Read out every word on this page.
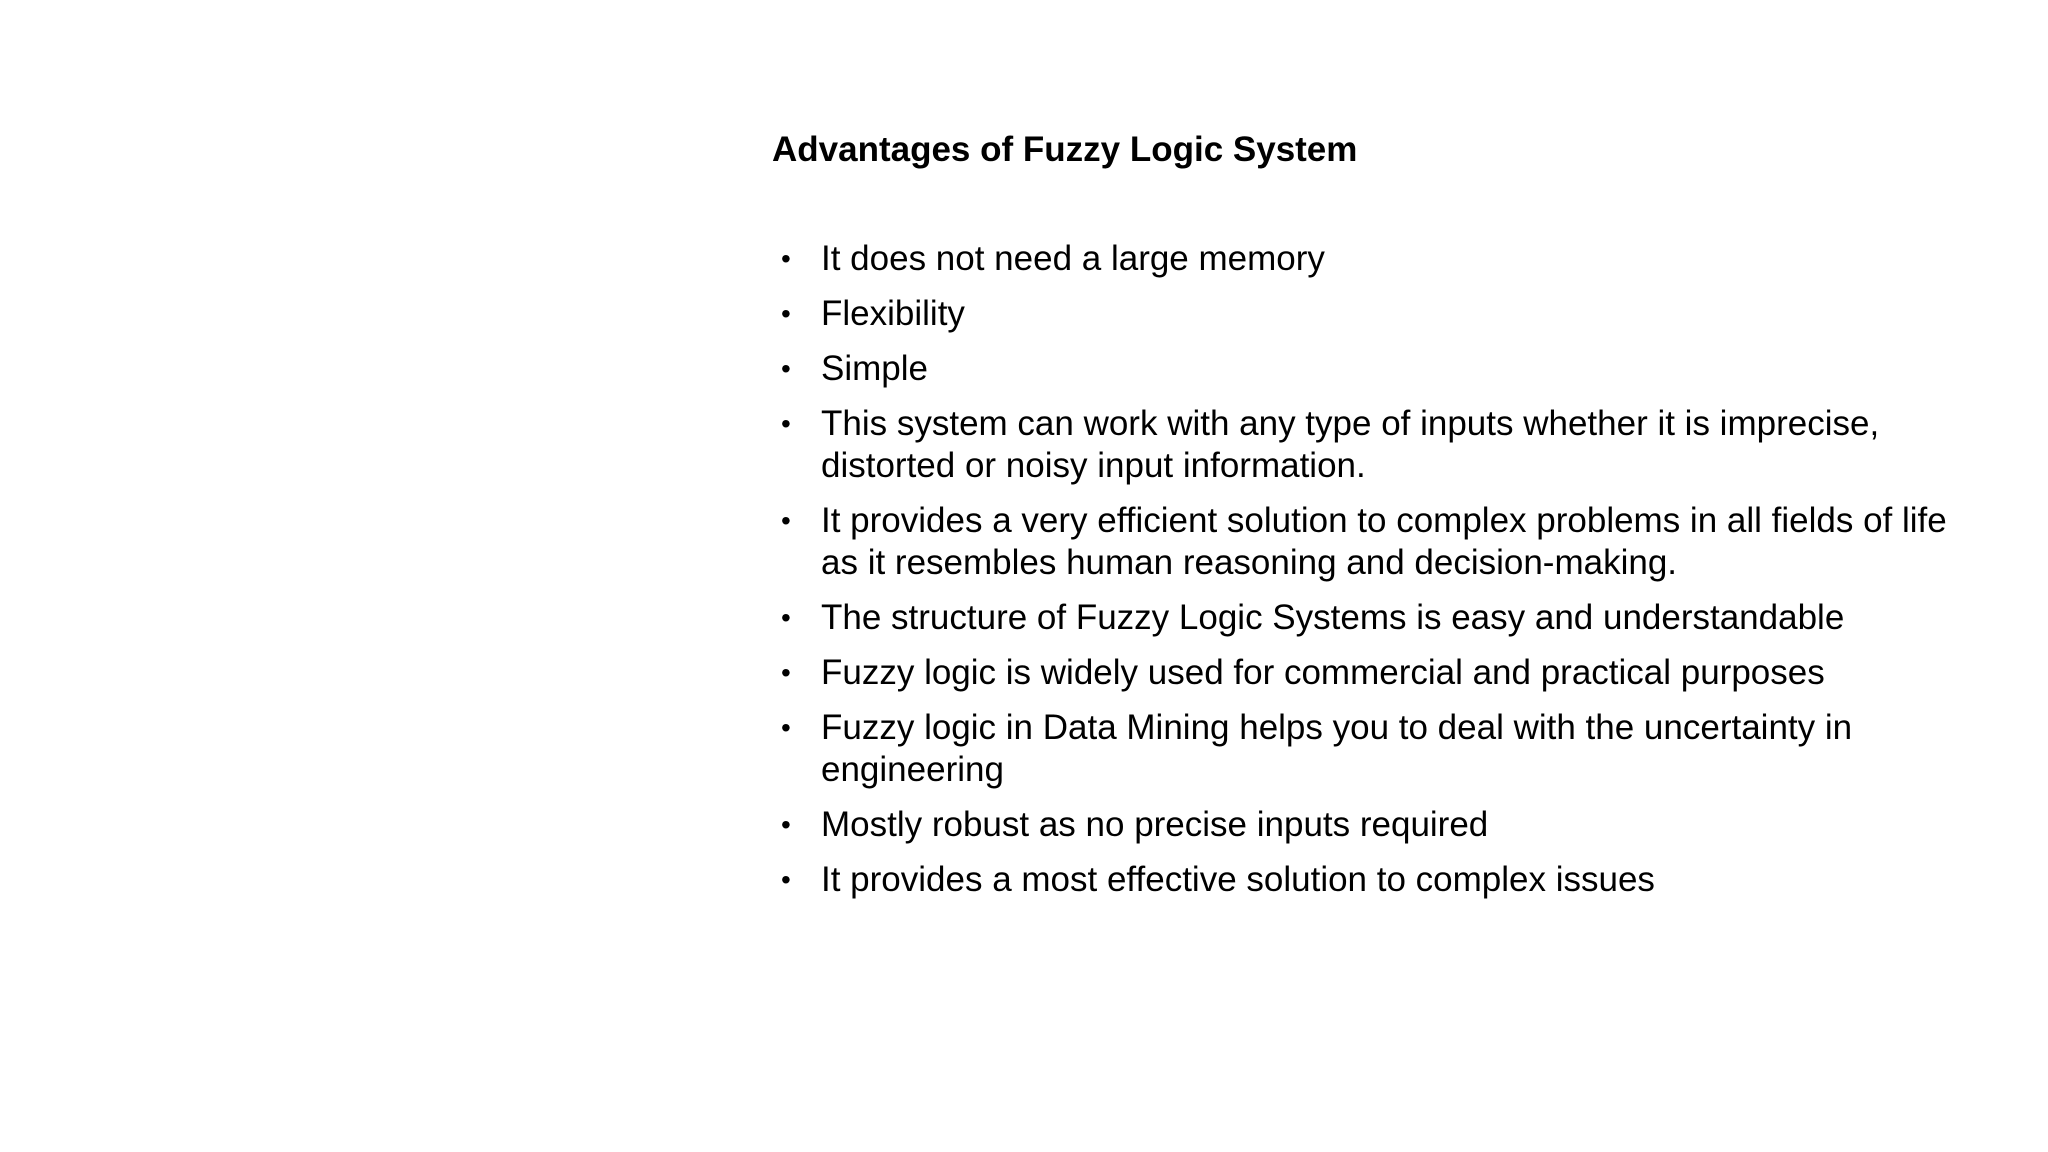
Advantages of Fuzzy Logic System
• It does not need a large memory
• Flexibility
• Simple
• This system can work with any type of inputs whether it is imprecise, distorted or noisy input information.
• It provides a very efficient solution to complex problems in all fields of life as it resembles human reasoning and decision-making.
• The structure of Fuzzy Logic Systems is easy and understandable
• Fuzzy logic is widely used for commercial and practical purposes
• Fuzzy logic in Data Mining helps you to deal with the uncertainty in engineering
• Mostly robust as no precise inputs required
• It provides a most effective solution to complex issues
